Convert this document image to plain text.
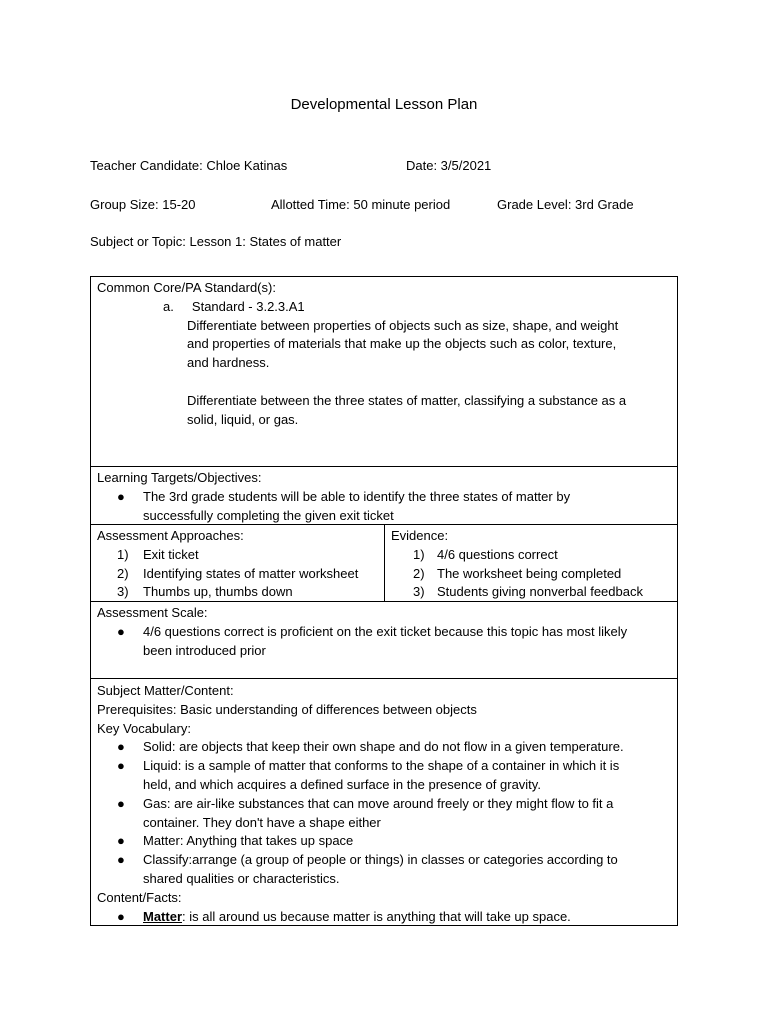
Developmental Lesson Plan
Teacher Candidate: Chloe Katinas	Date: 3/5/2021
Group Size: 15-20	Allotted Time: 50 minute period	Grade Level: 3rd Grade
Subject or Topic: Lesson 1: States of matter
Common Core/PA Standard(s):
a. Standard - 3.2.3.A1
Differentiate between properties of objects such as size, shape, and weight
and properties of materials that make up the objects such as color, texture,
and hardness.
Differentiate between the three states of matter, classifying a substance as a
solid, liquid, or gas.
Learning Targets/Objectives:
● The 3rd grade students will be able to identify the three states of matter by
successfully completing the given exit ticket
Assessment Approaches:
1) Exit ticket
2) Identifying states of matter worksheet
3) Thumbs up, thumbs down
Evidence:
1) 4/6 questions correct
2) The worksheet being completed
3) Students giving nonverbal feedback
Assessment Scale:
● 4/6 questions correct is proficient on the exit ticket because this topic has most likely
been introduced prior
Subject Matter/Content:
Prerequisites: Basic understanding of differences between objects
Key Vocabulary:
● Solid: are objects that keep their own shape and do not flow in a given temperature.
● Liquid: is a sample of matter that conforms to the shape of a container in which it is
held, and which acquires a defined surface in the presence of gravity.
● Gas: are air-like substances that can move around freely or they might flow to fit a
container. They don't have a shape either
● Matter: Anything that takes up space
● Classify:arrange (a group of people or things) in classes or categories according to
shared qualities or characteristics.
Content/Facts:
● Matter: is all around us because matter is anything that will take up space.
